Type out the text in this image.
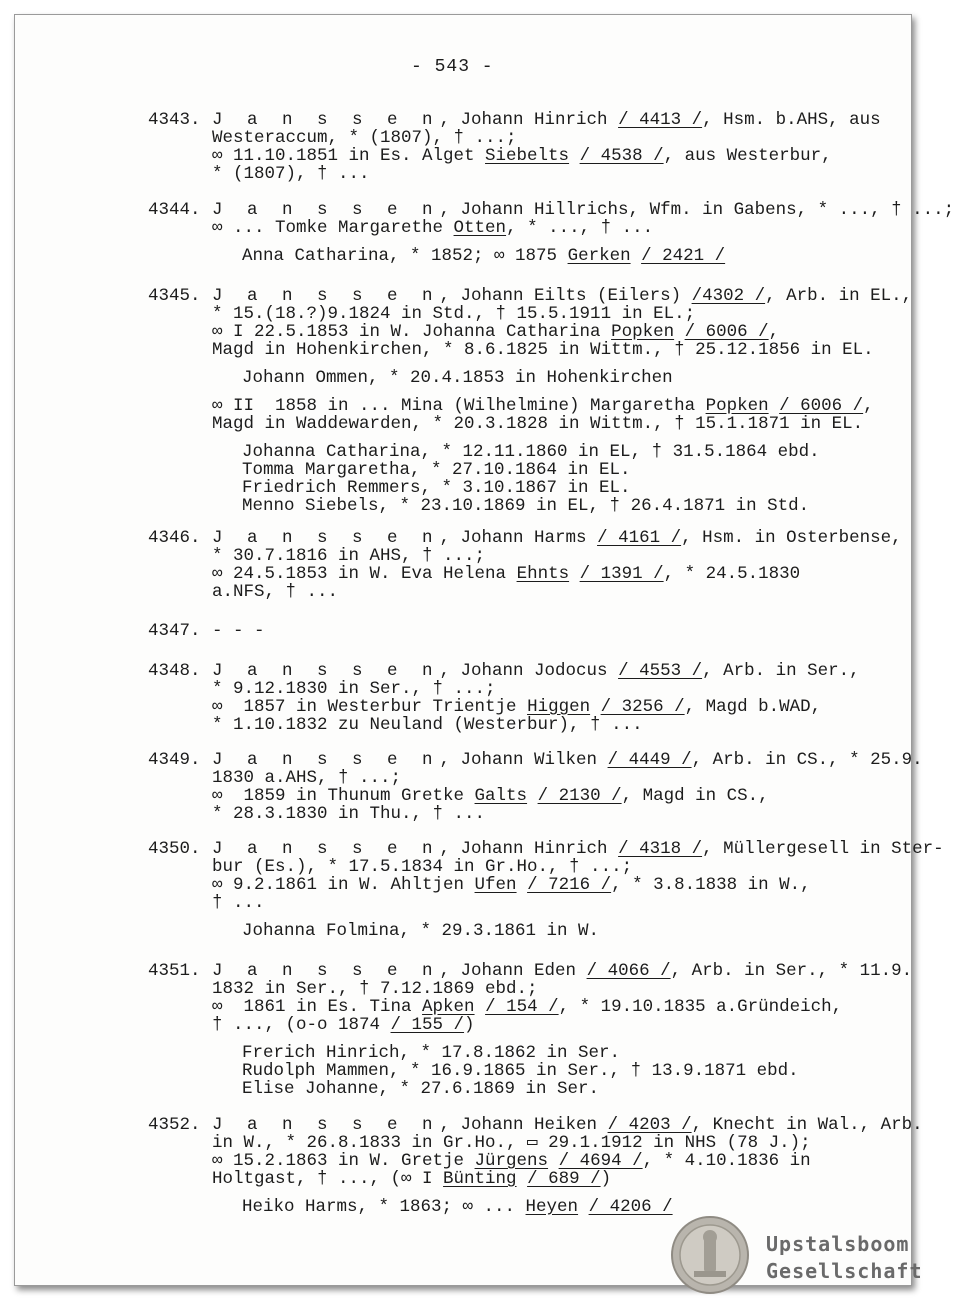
- 543 -
4343. J a n s s e n, Johann Hinrich / 4413 /, Hsm. b.AHS, aus
Westeraccum, * (1807), † ...;
∞ 11.10.1851 in Es. Alget Siebelts / 4538 /, aus Westerbur,
* (1807), † ...
4344. J a n s s e n, Johann Hillrichs, Wfm. in Gabens, * ..., † ...;
∞ ... Tomke Margarethe Otten, * ..., † ...
Anna Catharina, * 1852; ∞ 1875 Gerken / 2421 /
4345. J a n s s e n, Johann Eilts (Eilers) /4302 /, Arb. in EL.,
* 15.(18.?)9.1824 in Std., † 15.5.1911 in EL.;
∞ I 22.5.1853 in W. Johanna Catharina Popken / 6006 /,
Magd in Hohenkirchen, * 8.6.1825 in Wittm., † 25.12.1856 in EL.
Johann Ommen, * 20.4.1853 in Hohenkirchen
∞ II  1858 in ... Mina (Wilhelmine) Margaretha Popken / 6006 /,
Magd in Waddewarden, * 20.3.1828 in Wittm., † 15.1.1871 in EL.
Johanna Catharina, * 12.11.1860 in EL, † 31.5.1864 ebd.
Tomma Margaretha, * 27.10.1864 in EL.
Friedrich Remmers, * 3.10.1867 in EL.
Menno Siebels, * 23.10.1869 in EL, † 26.4.1871 in Std.
4346. J a n s s e n, Johann Harms / 4161 /, Hsm. in Osterbense,
* 30.7.1816 in AHS, † ...;
∞ 24.5.1853 in W. Eva Helena Ehnts / 1391 /, * 24.5.1830
a.NFS, † ...
4347. - - -
4348. J a n s s e n, Johann Jodocus / 4553 /, Arb. in Ser.,
* 9.12.1830 in Ser., † ...;
∞  1857 in Westerbur Trientje Higgen / 3256 /, Magd b.WAD,
* 1.10.1832 zu Neuland (Westerbur), † ...
4349. J a n s s e n, Johann Wilken / 4449 /, Arb. in CS., * 25.9.
1830 a.AHS, † ...;
∞  1859 in Thunum Gretke Galts / 2130 /, Magd in CS.,
* 28.3.1830 in Thu., † ...
4350. J a n s s e n, Johann Hinrich / 4318 /, Müllergesell in Ster-
bur (Es.), * 17.5.1834 in Gr.Ho., † ...;
∞ 9.2.1861 in W. Ahltjen Ufen / 7216 /, * 3.8.1838 in W.,
† ...
Johanna Folmina, * 29.3.1861 in W.
4351. J a n s s e n, Johann Eden / 4066 /, Arb. in Ser., * 11.9.
1832 in Ser., † 7.12.1869 ebd.;
∞  1861 in Es. Tina Apken / 154 /, * 19.10.1835 a.Gründeich,
† ..., (o-o 1874 / 155 /)
Frerich Hinrich, * 17.8.1862 in Ser.
Rudolph Mammen, * 16.9.1865 in Ser., † 13.9.1871 ebd.
Elise Johanne, * 27.6.1869 in Ser.
4352. J a n s s e n, Johann Heiken / 4203 /, Knecht in Wal., Arb.
in W., * 26.8.1833 in Gr.Ho., ▭ 29.1.1912 in NHS (78 J.);
∞ 15.2.1863 in W. Gretje Jürgens / 4694 /, * 4.10.1836 in
Holtgast, † ..., (∞ I Bünting / 689 /)
Heiko Harms, * 1863; ∞ ... Heyen / 4206 /
Upstalsboom
Gesellschaft
